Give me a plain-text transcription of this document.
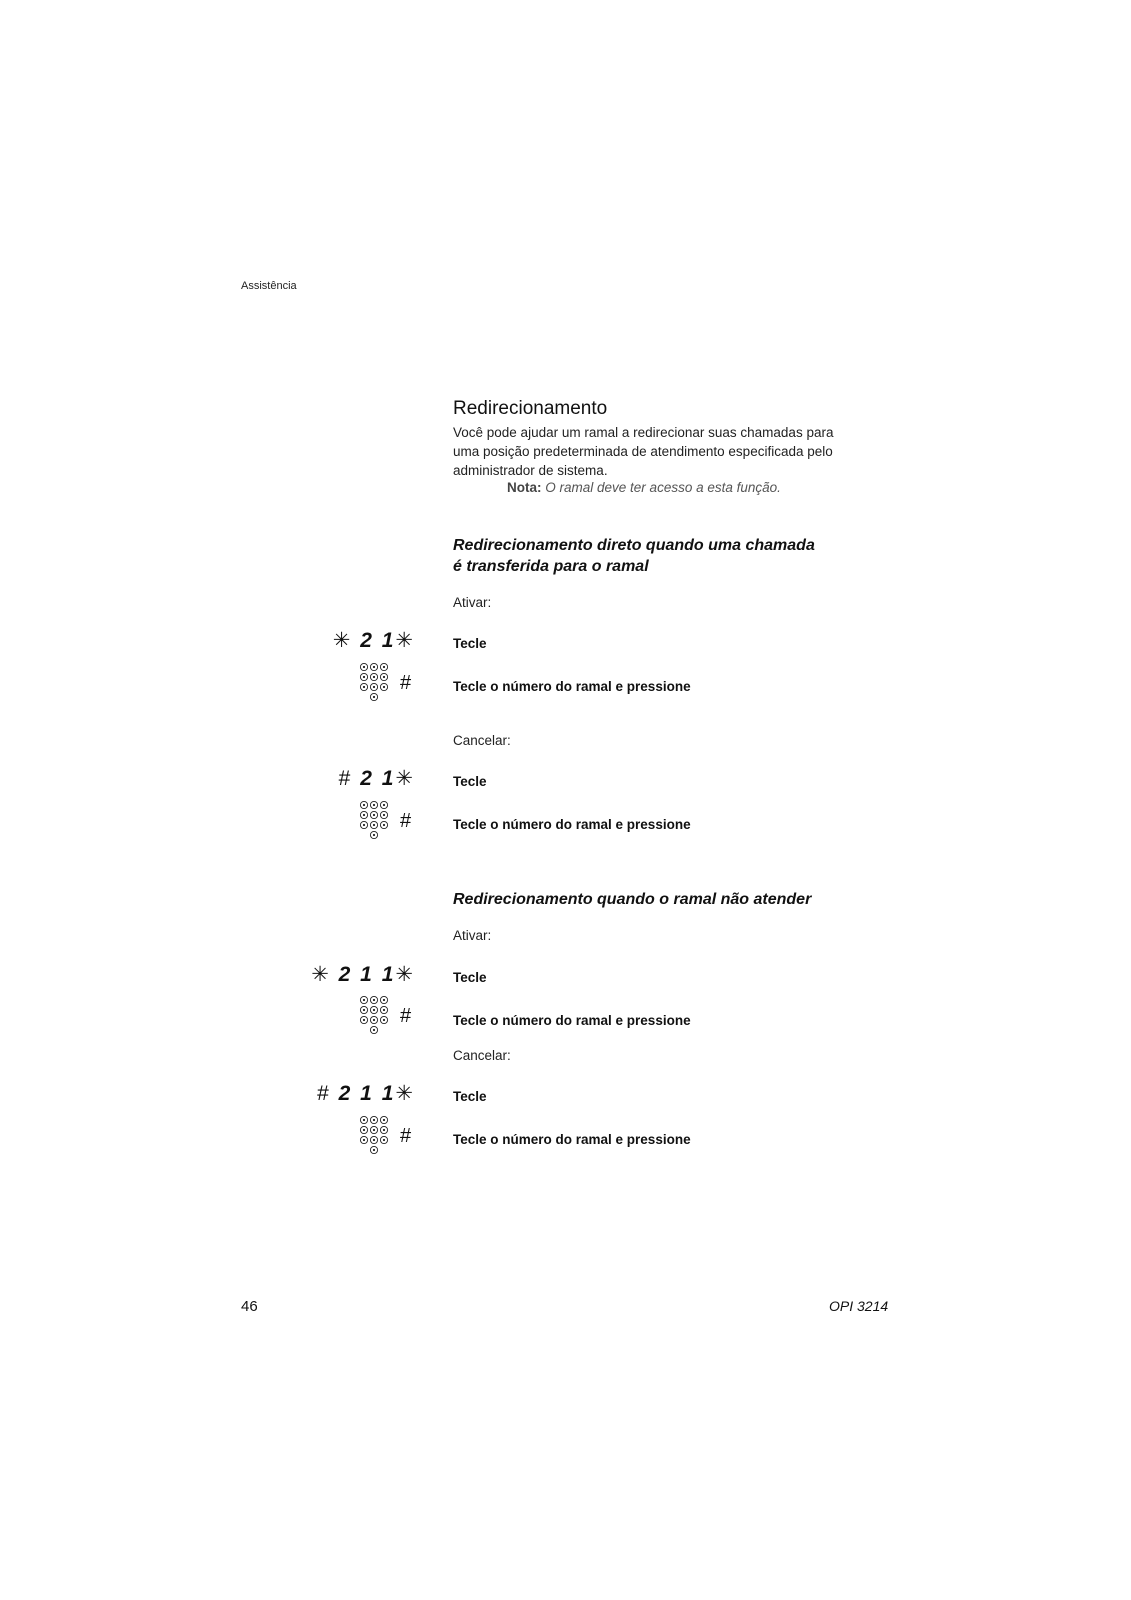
Assistência
Redirecionamento
Você pode ajudar um ramal a redirecionar suas chamadas para uma posição predeterminada de atendimento especificada pelo administrador de sistema.
Nota: O ramal deve ter acesso a esta função.
Redirecionamento direto quando uma chamada
é transferida para o ramal
Ativar:
✳ 2 1✳	Tecle
#	Tecle o número do ramal e pressione
Cancelar:
# 2 1✳	Tecle
#	Tecle o número do ramal e pressione
Redirecionamento quando o ramal não atender
Ativar:
✳ 2 1 1✳	Tecle
#	Tecle o número do ramal e pressione
Cancelar:
# 2 1 1✳	Tecle
#	Tecle o número do ramal e pressione
46	OPI 3214
